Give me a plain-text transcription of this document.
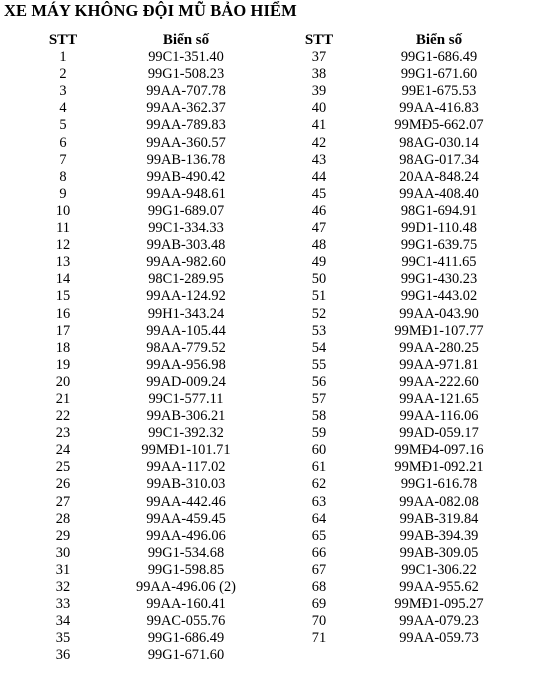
XE MÁY KHÔNG ĐỘI MŨ BẢO HIỂM
STT	Biển số
1	99C1-351.40
2	99G1-508.23
3	99AA-707.78
4	99AA-362.37
5	99AA-789.83
6	99AA-360.57
7	99AB-136.78
8	99AB-490.42
9	99AA-948.61
10	99G1-689.07
11	99C1-334.33
12	99AB-303.48
13	99AA-982.60
14	98C1-289.95
15	99AA-124.92
16	99H1-343.24
17	99AA-105.44
18	98AA-779.52
19	99AA-956.98
20	99AD-009.24
21	99C1-577.11
22	99AB-306.21
23	99C1-392.32
24	99MĐ1-101.71
25	99AA-117.02
26	99AB-310.03
27	99AA-442.46
28	99AA-459.45
29	99AA-496.06
30	99G1-534.68
31	99G1-598.85
32	99AA-496.06 (2)
33	99AA-160.41
34	99AC-055.76
35	99G1-686.49
36	99G1-671.60
STT	Biển số
37	99G1-686.49
38	99G1-671.60
39	99E1-675.53
40	99AA-416.83
41	99MĐ5-662.07
42	98AG-030.14
43	98AG-017.34
44	20AA-848.24
45	99AA-408.40
46	98G1-694.91
47	99D1-110.48
48	99G1-639.75
49	99C1-411.65
50	99G1-430.23
51	99G1-443.02
52	99AA-043.90
53	99MĐ1-107.77
54	99AA-280.25
55	99AA-971.81
56	99AA-222.60
57	99AA-121.65
58	99AA-116.06
59	99AD-059.17
60	99MĐ4-097.16
61	99MĐ1-092.21
62	99G1-616.78
63	99AA-082.08
64	99AB-319.84
65	99AB-394.39
66	99AB-309.05
67	99C1-306.22
68	99AA-955.62
69	99MĐ1-095.27
70	99AA-079.23
71	99AA-059.73
